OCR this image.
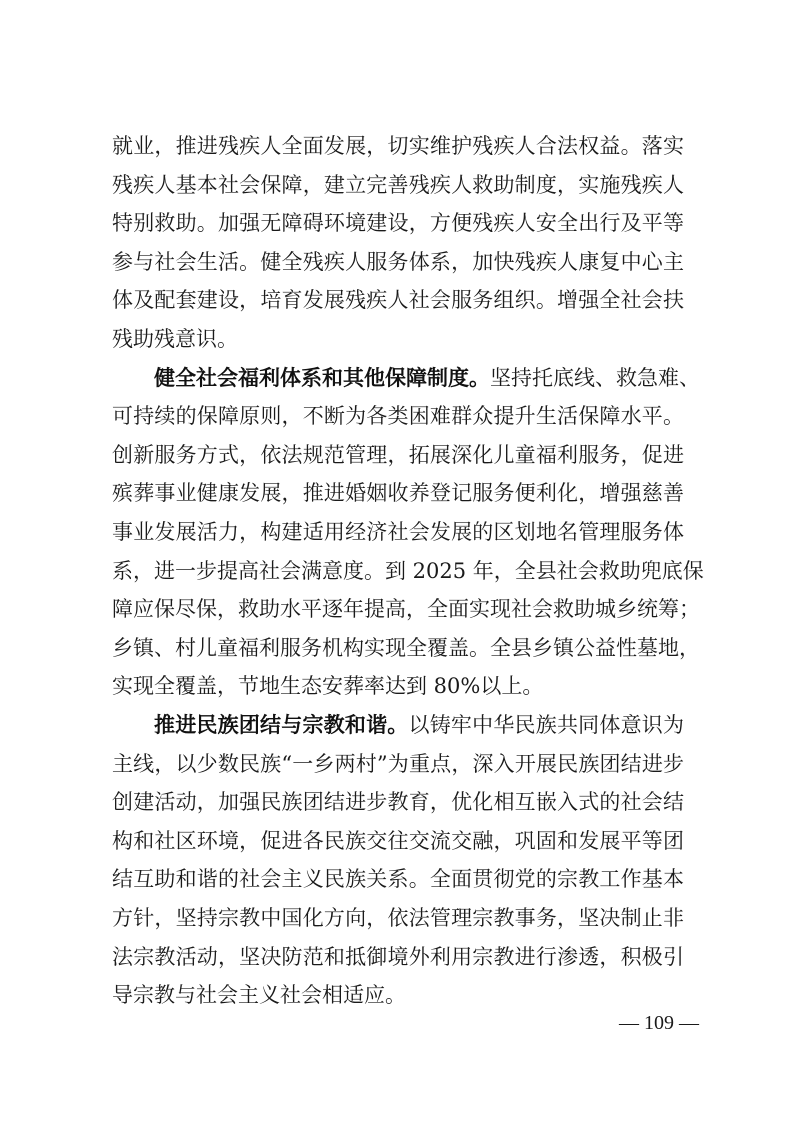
就业，推进残疾人全面发展，切实维护残疾人合法权益。落实
残疾人基本社会保障，建立完善残疾人救助制度，实施残疾人
特别救助。加强无障碍环境建设，方便残疾人安全出行及平等
参与社会生活。健全残疾人服务体系，加快残疾人康复中心主
体及配套建设，培育发展残疾人社会服务组织。增强全社会扶
残助残意识。
健全社会福利体系和其他保障制度。坚持托底线、救急难、
可持续的保障原则，不断为各类困难群众提升生活保障水平。
创新服务方式，依法规范管理，拓展深化儿童福利服务，促进
殡葬事业健康发展，推进婚姻收养登记服务便利化，增强慈善
事业发展活力，构建适用经济社会发展的区划地名管理服务体
系，进一步提高社会满意度。到 2025 年，全县社会救助兜底保
障应保尽保，救助水平逐年提高，全面实现社会救助城乡统筹；
乡镇、村儿童福利服务机构实现全覆盖。全县乡镇公益性墓地，
实现全覆盖，节地生态安葬率达到 80%以上。
推进民族团结与宗教和谐。以铸牢中华民族共同体意识为
主线，以少数民族“一乡两村”为重点，深入开展民族团结进步
创建活动，加强民族团结进步教育，优化相互嵌入式的社会结
构和社区环境，促进各民族交往交流交融，巩固和发展平等团
结互助和谐的社会主义民族关系。全面贯彻党的宗教工作基本
方针，坚持宗教中国化方向，依法管理宗教事务，坚决制止非
法宗教活动，坚决防范和抵御境外利用宗教进行渗透，积极引
导宗教与社会主义社会相适应。
— 109 —
